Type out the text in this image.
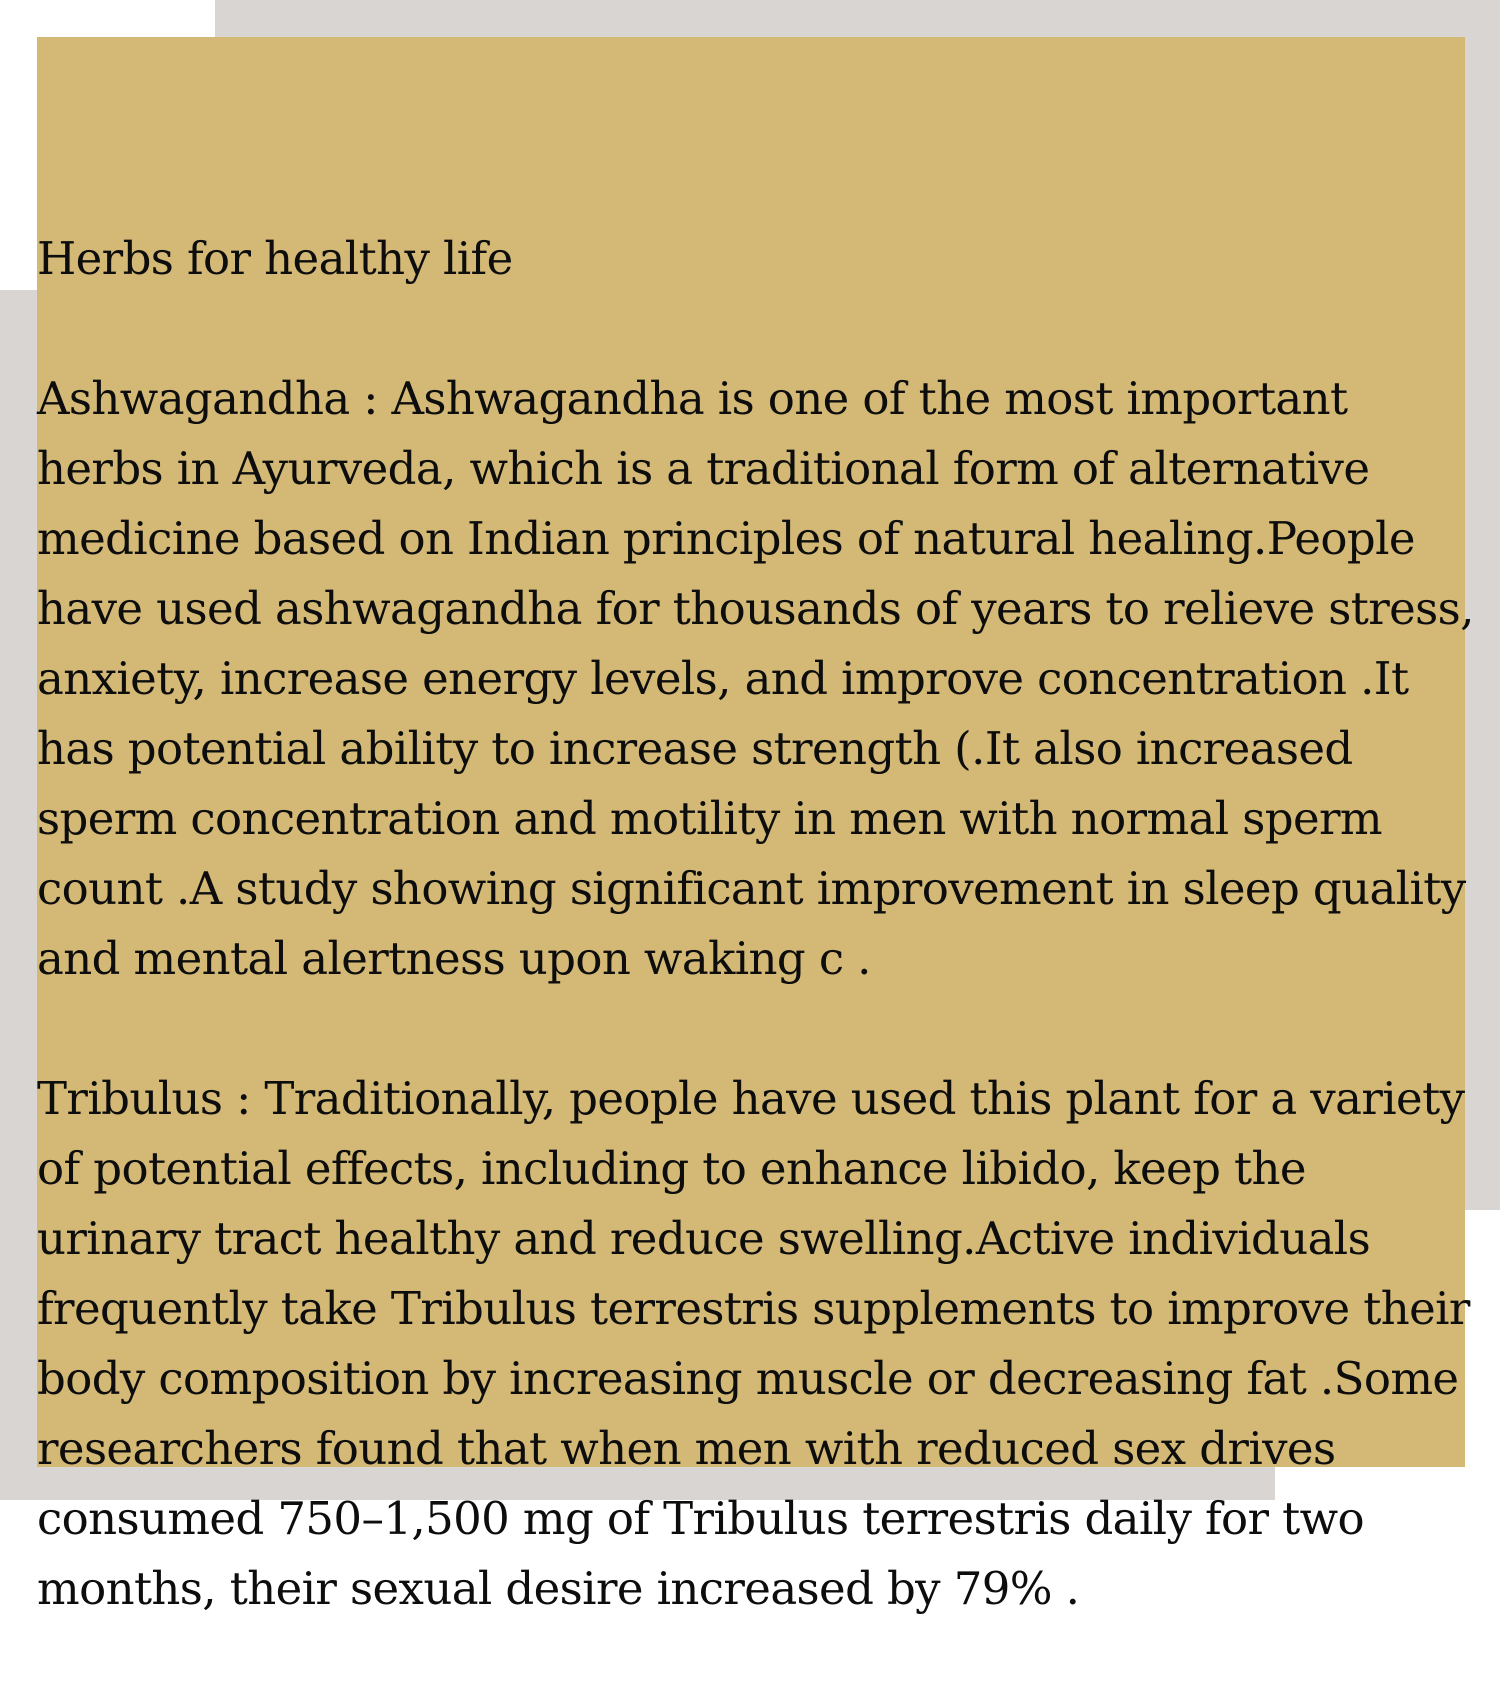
Herbs for healthy life

Ashwagandha : Ashwagandha is one of the most important herbs in Ayurveda, which is a traditional form of alternative medicine based on Indian principles of natural healing.People have used ashwagandha for thousands of years to relieve stress, anxiety, increase energy levels, and improve concentration .It has potential ability to increase strength (.It also increased sperm concentration and motility in men with normal sperm count .A study showing significant improvement in sleep quality and mental alertness upon waking c .

Tribulus : Traditionally, people have used this plant for a variety of potential effects, including to enhance libido, keep the urinary tract healthy and reduce swelling.Active individuals frequently take Tribulus terrestris supplements to improve their body composition by increasing muscle or decreasing fat .Some researchers found that when men with reduced sex drives consumed 750–1,500 mg of Tribulus terrestris daily for two months, their sexual desire increased by 79% .
